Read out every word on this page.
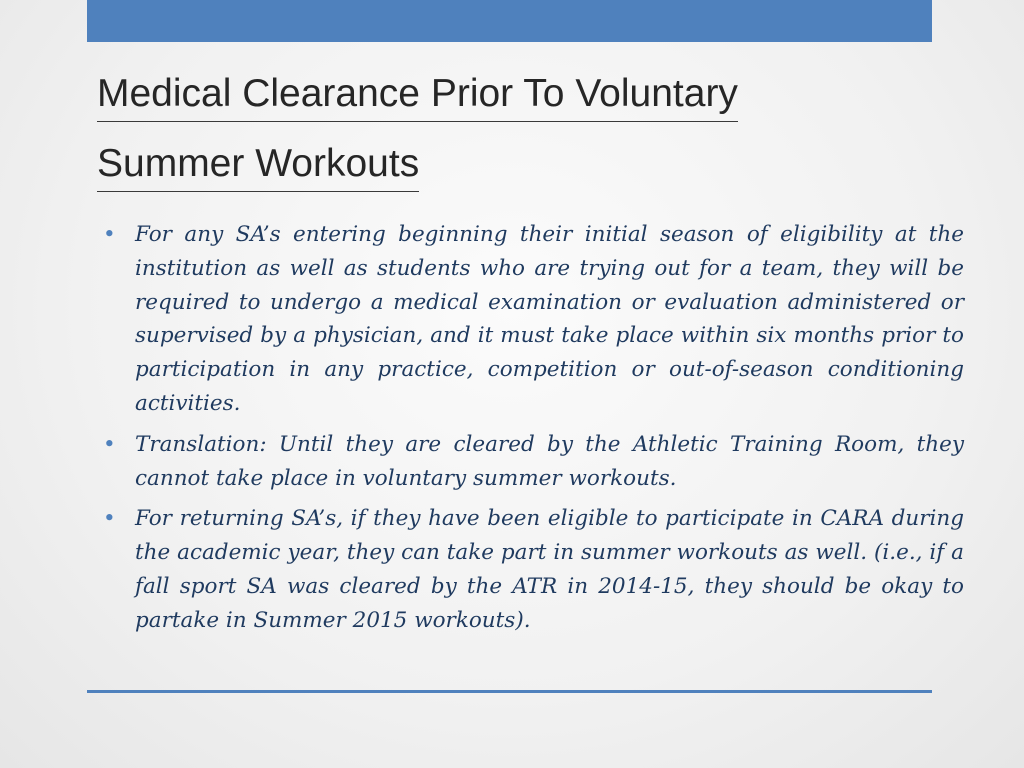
Medical Clearance Prior To Voluntary
Summer Workouts
• For any SA’s entering beginning their initial season of eligibility at the institution as well as students who are trying out for a team, they will be required to undergo a medical examination or evaluation administered or supervised by a physician, and it must take place within six months prior to participation in any practice, competition or out-of-season conditioning activities.
• Translation: Until they are cleared by the Athletic Training Room, they cannot take place in voluntary summer workouts.
• For returning SA’s, if they have been eligible to participate in CARA during the academic year, they can take part in summer workouts as well. (i.e., if a fall sport SA was cleared by the ATR in 2014-15, they should be okay to partake in Summer 2015 workouts).
